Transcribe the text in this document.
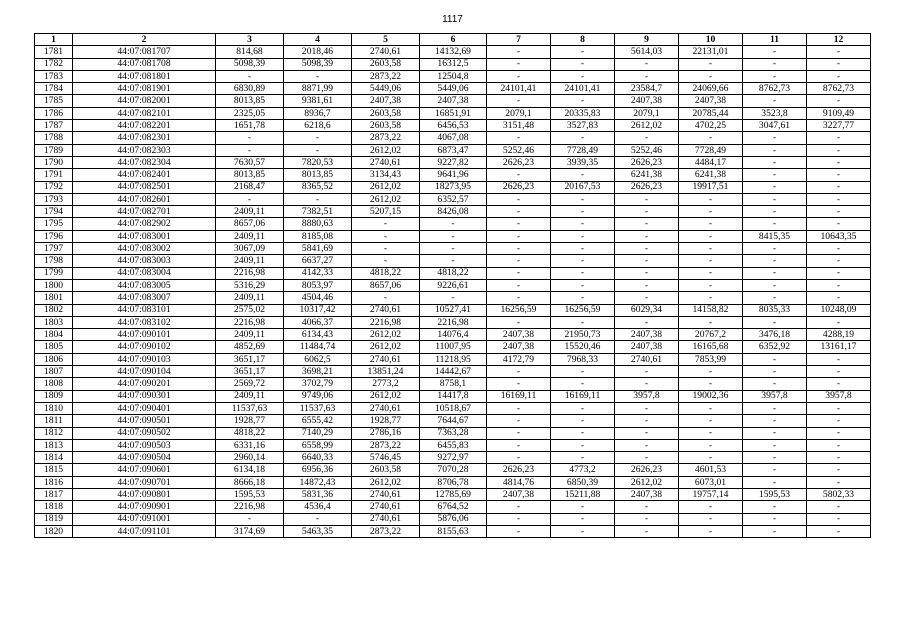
1117
1	2	3	4	5	6	7	8	9	10	11	12
1781	44:07:081707	814,68	2018,46	2740,61	14132,69	-	-	5614,03	22131,01	-	-
1782	44:07:081708	5098,39	5098,39	2603,58	16312,5	-	-	-	-	-	-
1783	44:07:081801	-	-	2873,22	12504,8	-	-	-	-	-	-
1784	44:07:081901	6830,89	8871,99	5449,06	5449,06	24101,41	24101,41	23584,7	24069,66	8762,73	8762,73
1785	44:07:082001	8013,85	9381,61	2407,38	2407,38	-	-	2407,38	2407,38	-	-
1786	44:07:082101	2325,05	8936,7	2603,58	16851,91	2079,1	20335,83	2079,1	20785,44	3523,8	9109,49
1787	44:07:082201	1651,78	6218,6	2603,58	6456,53	3151,48	3527,83	2612,02	4702,25	3047,61	3227,77
1788	44:07:082301	-	-	2873,22	4067,08	-	-	-	-	-	-
1789	44:07:082303	-	-	2612,02	6873,47	5252,46	7728,49	5252,46	7728,49	-	-
1790	44:07:082304	7630,57	7820,53	2740,61	9227,82	2626,23	3939,35	2626,23	4484,17	-	-
1791	44:07:082401	8013,85	8013,85	3134,43	9641,96	-	-	6241,38	6241,38	-	-
1792	44:07:082501	2168,47	8365,52	2612,02	18273,95	2626,23	20167,53	2626,23	19917,51	-	-
1793	44:07:082601	-	-	2612,02	6352,57	-	-	-	-	-	-
1794	44:07:082701	2409,11	7382,51	5207,15	8426,08	-	-	-	-	-	-
1795	44:07:082902	8657,06	8880,63	-	-	-	-	-	-	-	-
1796	44:07:083001	2409,11	8185,08	-	-	-	-	-	-	8415,35	10643,35
1797	44:07:083002	3067,09	5841,69	-	-	-	-	-	-	-	-
1798	44:07:083003	2409,11	6637,27	-	-	-	-	-	-	-	-
1799	44:07:083004	2216,98	4142,33	4818,22	4818,22	-	-	-	-	-	-
1800	44:07:083005	5316,29	8053,97	8657,06	9226,61	-	-	-	-	-	-
1801	44:07:083007	2409,11	4504,46	-	-	-	-	-	-	-	-
1802	44:07:083101	2575,02	10317,42	2740,61	10527,41	16256,59	16256,59	6029,34	14158,82	8035,33	10248,09
1803	44:07:083102	2216,98	4066,37	2216,98	2216,98	-	-	-	-	-	-
1804	44:07:090101	2409,11	6134,43	2612,02	14076,4	2407,38	21950,73	2407,38	20767,2	3476,18	4288,19
1805	44:07:090102	4852,69	11484,74	2612,02	11007,95	2407,38	15520,46	2407,38	16165,68	6352,92	13161,17
1806	44:07:090103	3651,17	6062,5	2740,61	11218,95	4172,79	7968,33	2740,61	7853,99	-	-
1807	44:07:090104	3651,17	3698,21	13851,24	14442,67	-	-	-	-	-	-
1808	44:07:090201	2569,72	3702,79	2773,2	8758,1	-	-	-	-	-	-
1809	44:07:090301	2409,11	9749,06	2612,02	14417,8	16169,11	16169,11	3957,8	19002,36	3957,8	3957,8
1810	44:07:090401	11537,63	11537,63	2740,61	10518,67	-	-	-	-	-	-
1811	44:07:090501	1928,77	6555,42	1928,77	7644,67	-	-	-	-	-	-
1812	44:07:090502	4818,22	7140,29	2786,16	7363,28	-	-	-	-	-	-
1813	44:07:090503	6331,16	6558,99	2873,22	6455,83	-	-	-	-	-	-
1814	44:07:090504	2960,14	6640,33	5746,45	9272,97	-	-	-	-	-	-
1815	44:07:090601	6134,18	6956,36	2603,58	7070,28	2626,23	4773,2	2626,23	4601,53	-	-
1816	44:07:090701	8666,18	14872,43	2612,02	8706,78	4814,76	6850,39	2612,02	6073,01	-	-
1817	44:07:090801	1595,53	5831,36	2740,61	12785,69	2407,38	15211,88	2407,38	19757,14	1595,53	5802,33
1818	44:07:090901	2216,98	4536,4	2740,61	6764,52	-	-	-	-	-	-
1819	44:07:091001	-	-	2740,61	5876,06	-	-	-	-	-	-
1820	44:07:091101	3174,69	5463,35	2873,22	8155,63	-	-	-	-	-	-
